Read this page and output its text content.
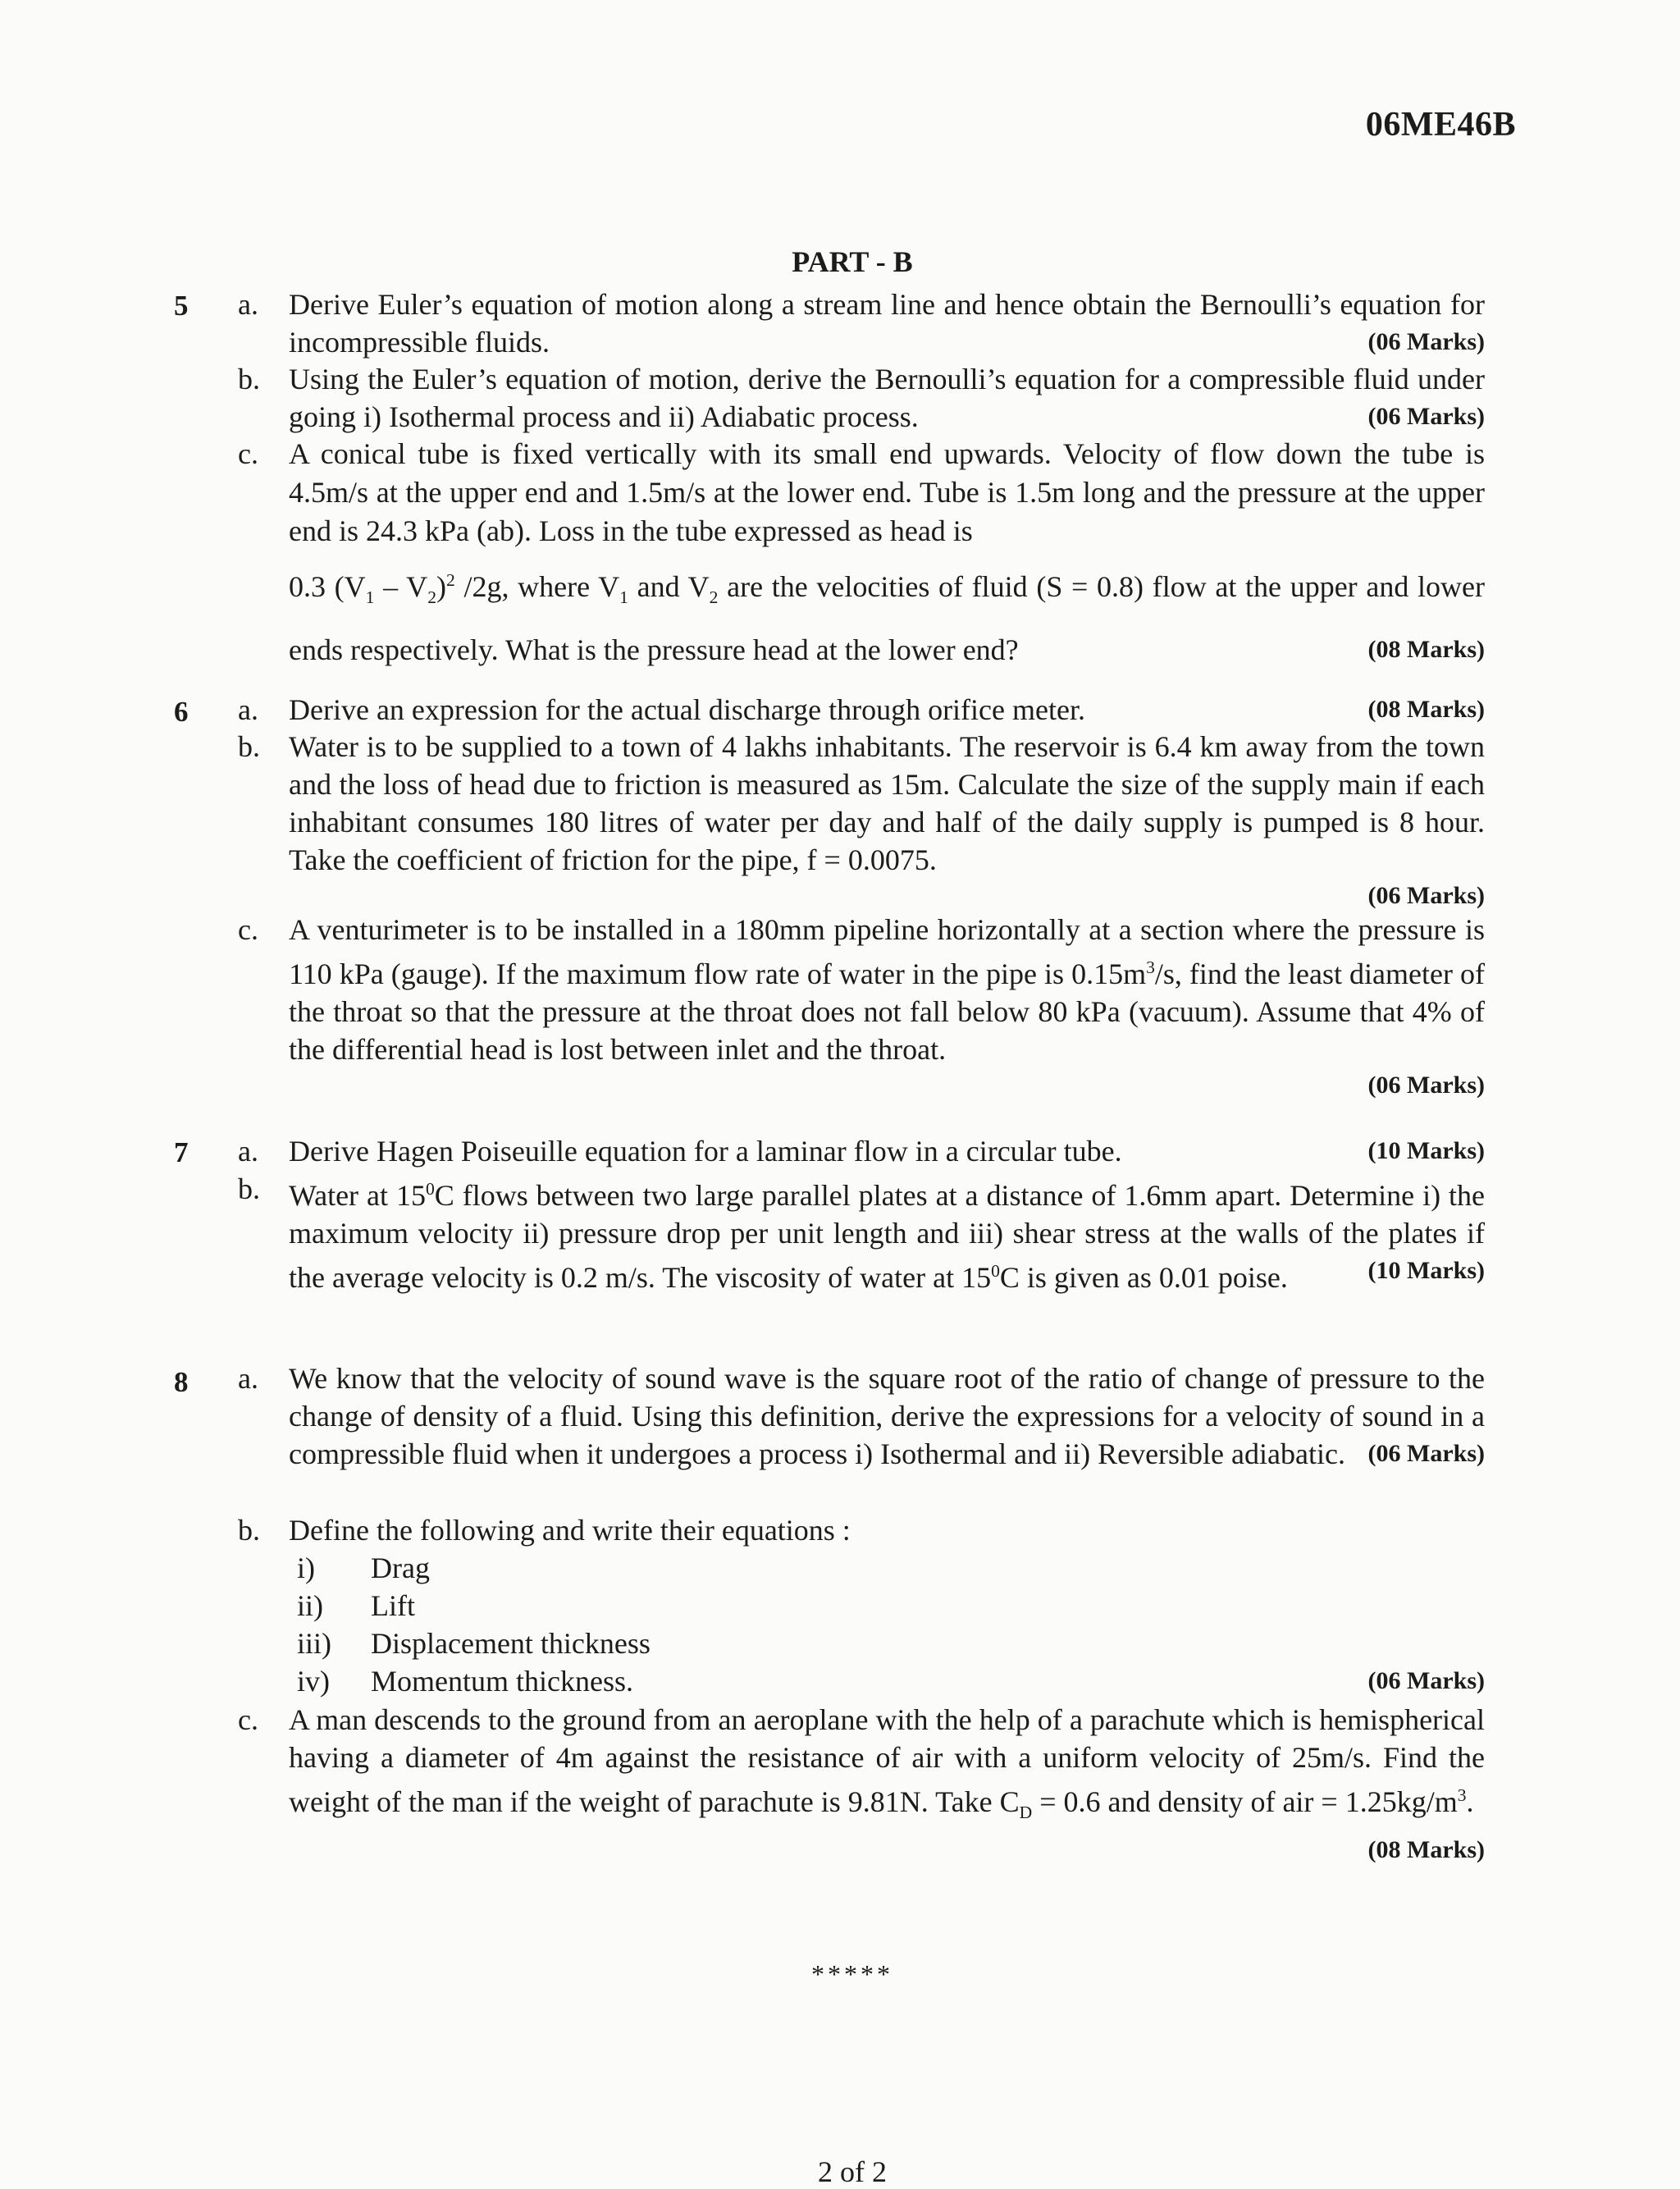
06ME46B
PART - B
5 a.	Derive Euler’s equation of motion along a stream line and hence obtain the Bernoulli’s equation for incompressible fluids.	(06 Marks)
b. Using the Euler’s equation of motion, derive the Bernoulli’s equation for a compressible fluid under going i) Isothermal process and ii) Adiabatic process.	(06 Marks)
c.	A conical tube is fixed vertically with its small end upwards. Velocity of flow down the tube is 4.5m/s at the upper end and 1.5m/s at the lower end. Tube is 1.5m long and the pressure at the upper end is 24.3 kPa (ab). Loss in the tube expressed as head is
0.3 $(V_1 - V_2)^2$ /2g, where $V_1$ and $V_2$ are the velocities of fluid (S = 0.8) flow at the upper and lower ends respectively. What is the pressure head at the lower end?	(08 Marks)
6 a.	Derive an expression for the actual discharge through orifice meter.	(08 Marks)
b. Water is to be supplied to a town of 4 lakhs inhabitants. The reservoir is 6.4 km away from the town and the loss of head due to friction is measured as 15m. Calculate the size of the supply main if each inhabitant consumes 180 litres of water per day and half of the daily supply is pumped is 8 hour. Take the coefficient of friction for the pipe, f = 0.0075.
(06 Marks)
c.	A venturimeter is to be installed in a 180mm pipeline horizontally at a section where the pressure is 110 kPa (gauge). If the maximum flow rate of water in the pipe is $0.15m^3/s$, find the least diameter of the throat so that the pressure at the throat does not fall below 80 kPa (vacuum). Assume that 4% of the differential head is lost between inlet and the throat.
(06 Marks)
7 a.	Derive Hagen Poiseuille equation for a laminar flow in a circular tube.	(10 Marks)
b. Water at $15^0C$ flows between two large parallel plates at a distance of 1.6mm apart. Determine i) the maximum velocity ii) pressure drop per unit length and iii) shear stress at the walls of the plates if the average velocity is 0.2 m/s. The viscosity of water at $15^0C$ is given as 0.01 poise.	(10 Marks)
8 a.	We know that the velocity of sound wave is the square root of the ratio of change of pressure to the change of density of a fluid. Using this definition, derive the expressions for a velocity of sound in a compressible fluid when it undergoes a process i) Isothermal and ii) Reversible adiabatic. (06 Marks)
b. Define the following and write their equations :
i) Drag
ii) Lift
iii) Displacement thickness
iv) Momentum thickness.	(06 Marks)
c.	A man descends to the ground from an aeroplane with the help of a parachute which is hemispherical having a diameter of 4m against the resistance of air with a uniform velocity of 25m/s. Find the weight of the man if the weight of parachute is 9.81N. Take $C_D = 0.6$ and density of air = $1.25kg/m^3$.
(08 Marks)
*****
2 of 2
